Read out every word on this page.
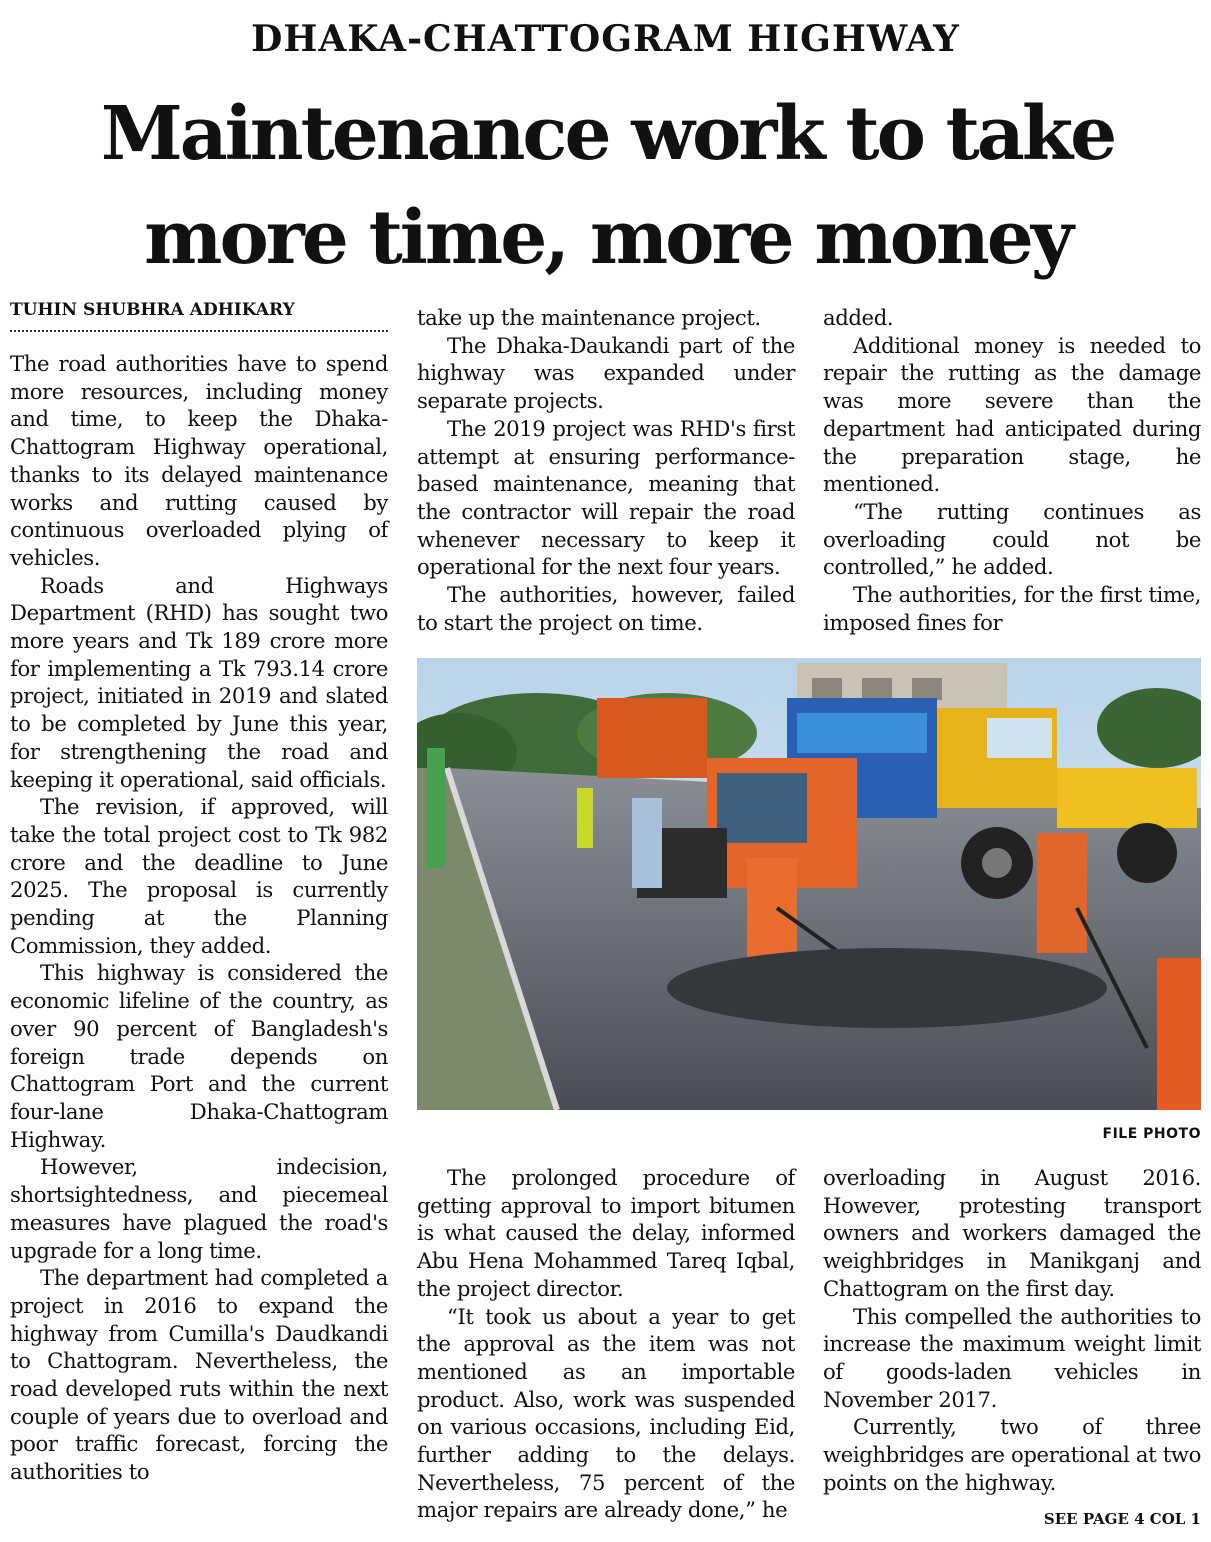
DHAKA-CHATTOGRAM HIGHWAY
Maintenance work to take
more time, more money
TUHIN SHUBHRA ADHIKARY

The road authorities have to spend more resources, including money and time, to keep the Dhaka-Chattogram Highway operational, thanks to its delayed maintenance works and rutting caused by continuous overloaded plying of vehicles.

Roads and Highways Department (RHD) has sought two more years and Tk 189 crore more for implementing a Tk 793.14 crore project, initiated in 2019 and slated to be completed by June this year, for strengthening the road and keeping it operational, said officials.

The revision, if approved, will take the total project cost to Tk 982 crore and the deadline to June 2025. The proposal is currently pending at the Planning Commission, they added.

This highway is considered the economic lifeline of the country, as over 90 percent of Bangladesh's foreign trade depends on Chattogram Port and the current four-lane Dhaka-Chattogram Highway.

However, indecision, shortsightedness, and piecemeal measures have plagued the road's upgrade for a long time.

The department had completed a project in 2016 to expand the highway from Cumilla's Daudkandi to Chattogram. Nevertheless, the road developed ruts within the next couple of years due to overload and poor traffic forecast, forcing the authorities to

take up the maintenance project.

The Dhaka-Daukandi part of the highway was expanded under separate projects.

The 2019 project was RHD's first attempt at ensuring performance-based maintenance, meaning that the contractor will repair the road whenever necessary to keep it operational for the next four years.

The authorities, however, failed to start the project on time.

added.

Additional money is needed to repair the rutting as the damage was more severe than the department had anticipated during the preparation stage, he mentioned.

“The rutting continues as overloading could not be controlled,” he added.

The authorities, for the first time, imposed fines for

FILE PHOTO

The prolonged procedure of getting approval to import bitumen is what caused the delay, informed Abu Hena Mohammed Tareq Iqbal, the project director.

“It took us about a year to get the approval as the item was not mentioned as an importable product. Also, work was suspended on various occasions, including Eid, further adding to the delays. Nevertheless, 75 percent of the major repairs are already done,” he

overloading in August 2016. However, protesting transport owners and workers damaged the weighbridges in Manikganj and Chattogram on the first day.

This compelled the authorities to increase the maximum weight limit of goods-laden vehicles in November 2017.

Currently, two of three weighbridges are operational at two points on the highway.

SEE PAGE 4 COL 1
